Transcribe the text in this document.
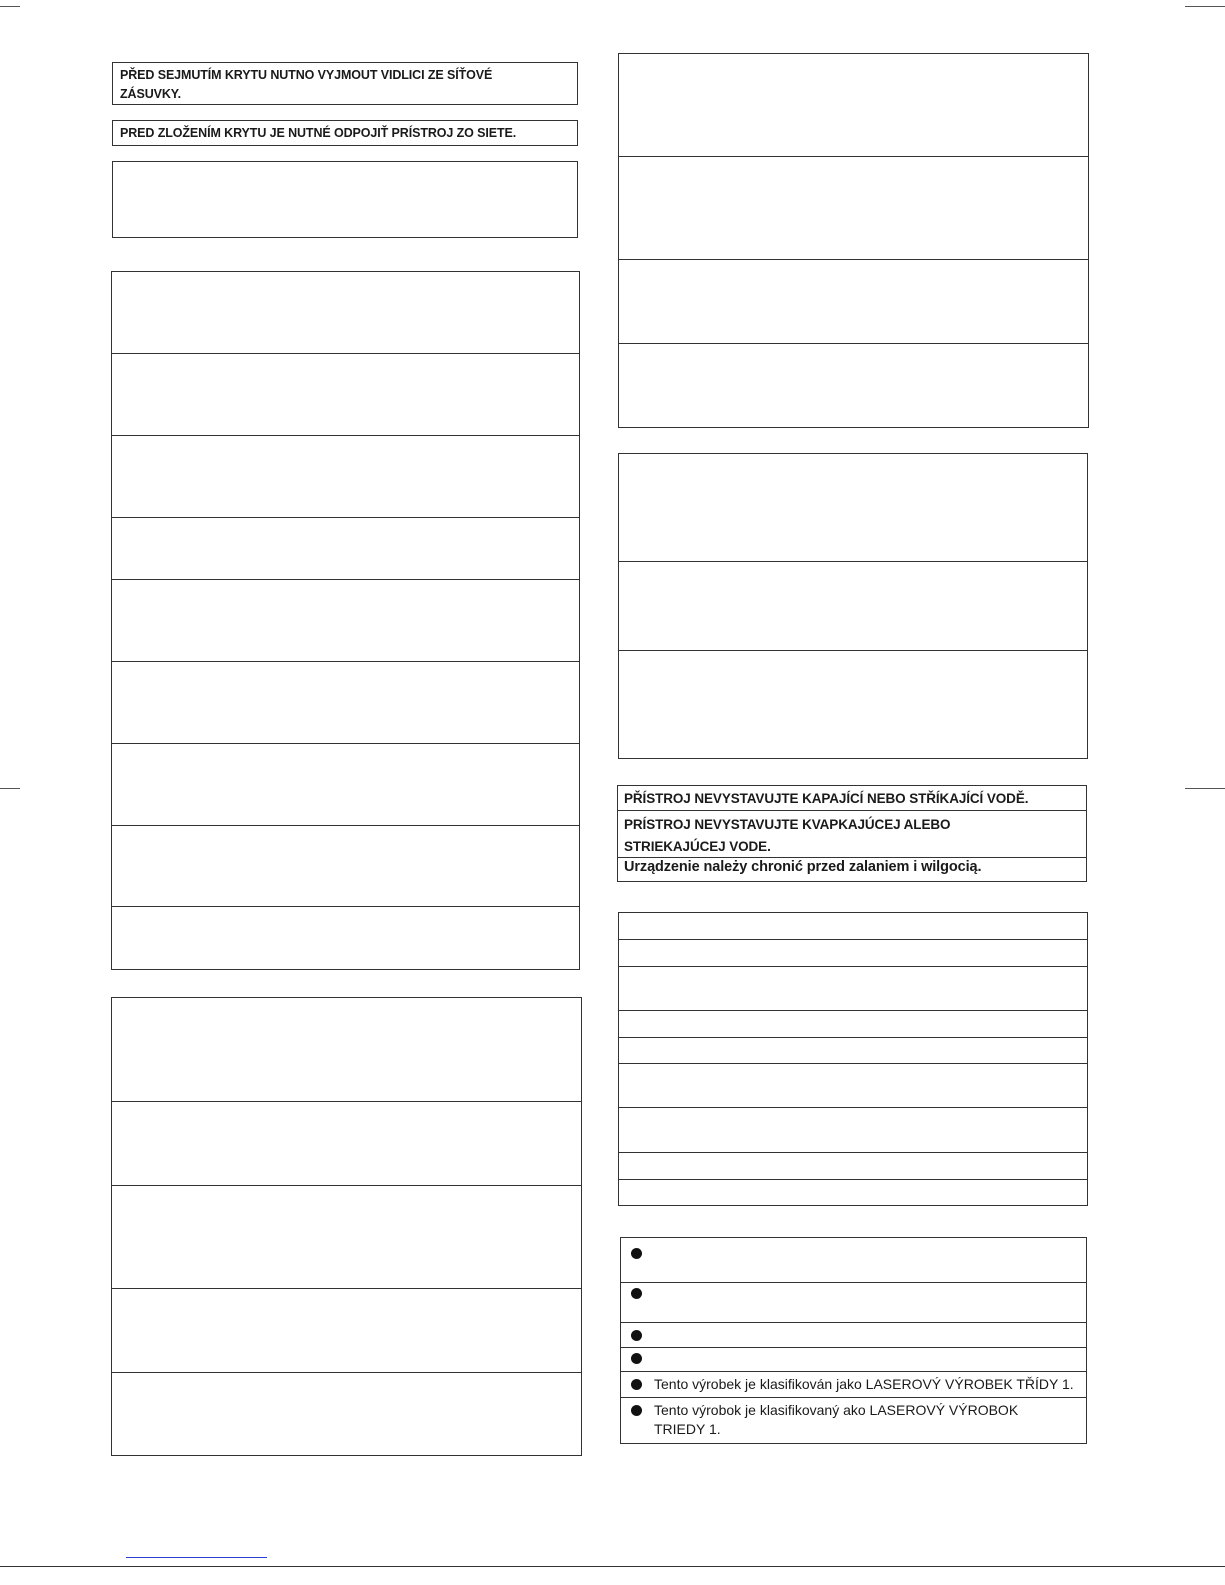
PŘED SEJMUTÍM KRYTU NUTNO VYJMOUT VIDLICI ZE SÍŤOVÉ ZÁSUVKY.
PRED ZLOŽENÍM KRYTU JE NUTNÉ ODPOJIŤ PRÍSTROJ ZO SIETE.
PŘÍSTROJ NEVYSTAVUJTE KAPAJÍCÍ NEBO STŘÍKAJÍCÍ VODĚ.
PRÍSTROJ NEVYSTAVUJTE KVAPKAJÚCEJ ALEBO STRIEKAJÚCEJ VODE.
Urządzenie należy chronić przed zalaniem i wilgocią.
Tento výrobek je klasifikován jako LASEROVÝ VÝROBEK TŘÍDY 1.
Tento výrobok je klasifikovaný ako LASEROVÝ VÝROBOK TRIEDY 1.
